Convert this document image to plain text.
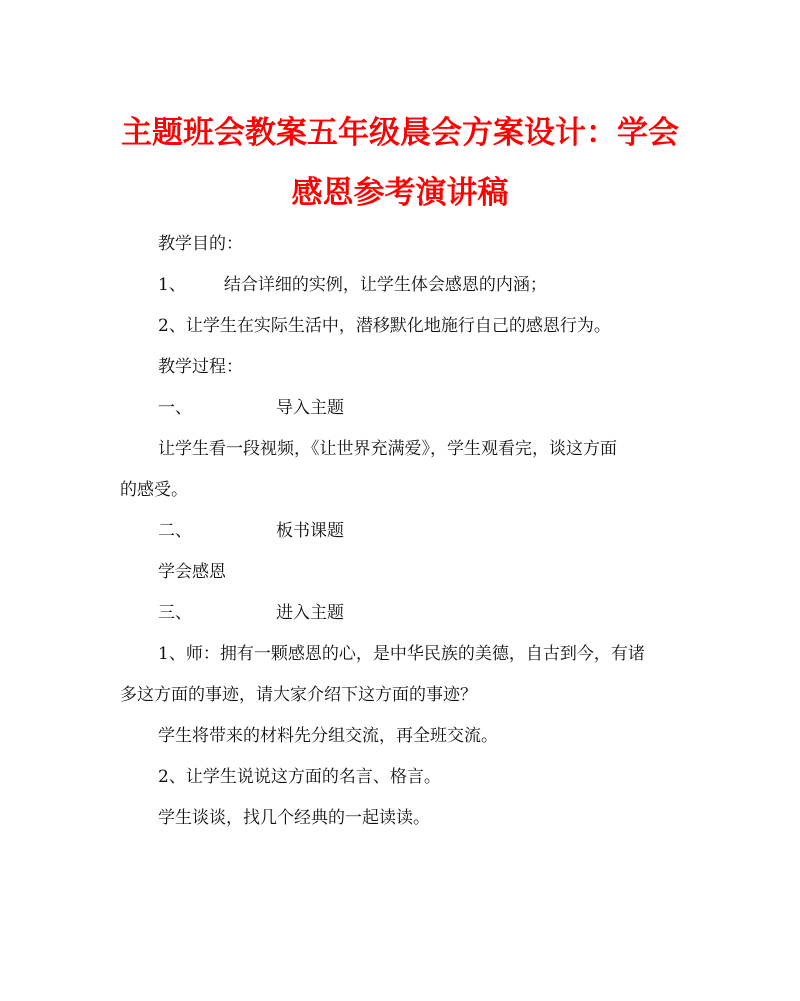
主题班会教案五年级晨会方案设计：学会
感恩参考演讲稿

教学目的：

1、 结合详细的实例，让学生体会感恩的内涵；

2、让学生在实际生活中，潜移默化地施行自己的感恩行为。

教学过程：

一、	导入主题

让学生看一段视频，《让世界充满爱》，学生观看完，谈这方面

的感受。

二、	板书课题

学会感恩

三、	进入主题

1、师：拥有一颗感恩的心，是中华民族的美德，自古到今，有诸

多这方面的事迹，请大家介绍下这方面的事迹？

学生将带来的材料先分组交流，再全班交流。

2、让学生说说这方面的名言、格言。

学生谈谈，找几个经典的一起读读。
